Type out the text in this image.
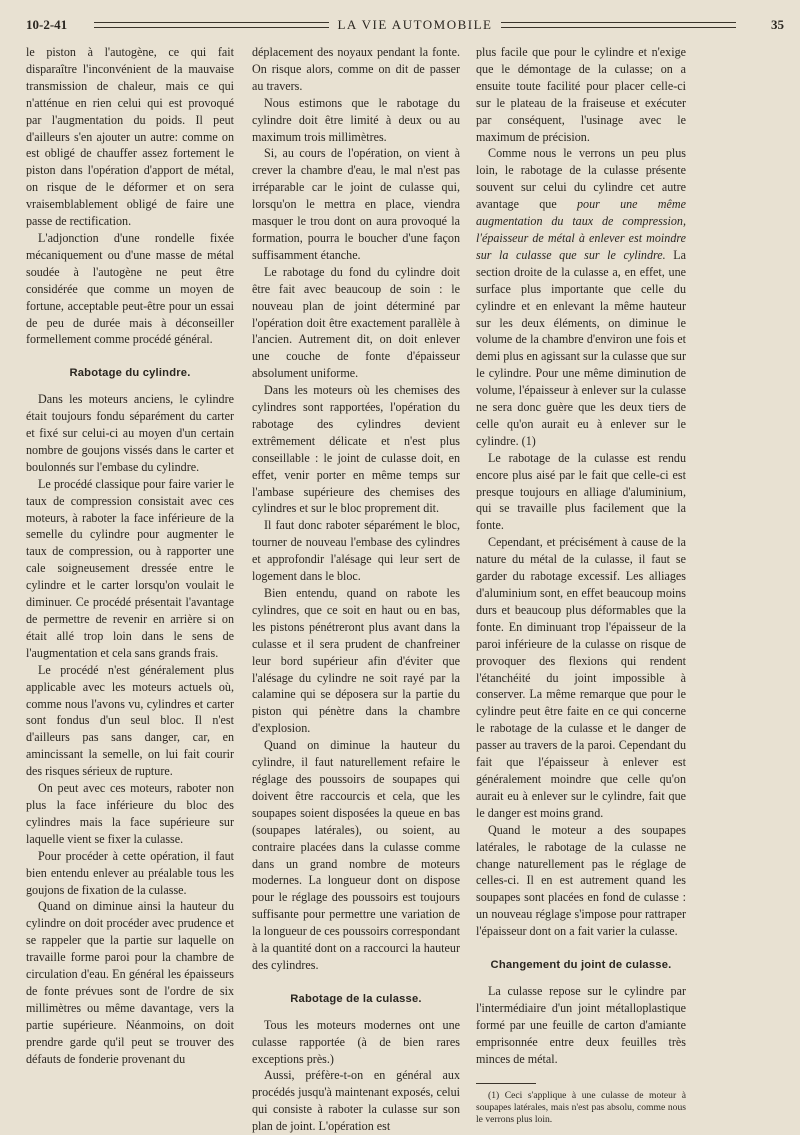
10-2-41	LA VIE AUTOMOBILE	35

le piston à l'autogène, ce qui fait disparaître l'inconvénient de la mauvaise transmission de chaleur, mais ce qui n'atténue en rien celui qui est provoqué par l'augmentation du poids. Il peut d'ailleurs s'en ajouter un autre: comme on est obligé de chauffer assez fortement le piston dans l'opération d'apport de métal, on risque de le déformer et on sera vraisemblablement obligé de faire une passe de rectification.

L'adjonction d'une rondelle fixée mécaniquement ou d'une masse de métal soudée à l'autogène ne peut être considérée que comme un moyen de fortune, acceptable peut-être pour un essai de peu de durée mais à déconseiller formellement comme procédé général.

Rabotage du cylindre.

Dans les moteurs anciens, le cylindre était toujours fondu séparément du carter et fixé sur celui-ci au moyen d'un certain nombre de goujons vissés dans le carter et boulonnés sur l'embase du cylindre.

Le procédé classique pour faire varier le taux de compression consistait avec ces moteurs, à raboter la face inférieure de la semelle du cylindre pour augmenter le taux de compression, ou à rapporter une cale soigneusement dressée entre le cylindre et le carter lorsqu'on voulait le diminuer. Ce procédé présentait l'avantage de permettre de revenir en arrière si on était allé trop loin dans le sens de l'augmentation et cela sans grands frais.

Le procédé n'est généralement plus applicable avec les moteurs actuels où, comme nous l'avons vu, cylindres et carter sont fondus d'un seul bloc. Il n'est d'ailleurs pas sans danger, car, en amincissant la semelle, on lui fait courir des risques sérieux de rupture.

On peut avec ces moteurs, raboter non plus la face inférieure du bloc des cylindres mais la face supérieure sur laquelle vient se fixer la culasse.

Pour procéder à cette opération, il faut bien entendu enlever au préalable tous les goujons de fixation de la culasse.

Quand on diminue ainsi la hauteur du cylindre on doit procéder avec prudence et se rappeler que la partie sur laquelle on travaille forme paroi pour la chambre de circulation d'eau. En général les épaisseurs de fonte prévues sont de l'ordre de six millimètres ou même davantage, vers la partie supérieure. Néanmoins, on doit prendre garde qu'il peut se trouver des défauts de fonderie provenant du

déplacement des noyaux pendant la fonte. On risque alors, comme on dit de passer au travers.

Nous estimons que le rabotage du cylindre doit être limité à deux ou au maximum trois millimètres.

Si, au cours de l'opération, on vient à crever la chambre d'eau, le mal n'est pas irréparable car le joint de culasse qui, lorsqu'on le mettra en place, viendra masquer le trou dont on aura provoqué la formation, pourra le boucher d'une façon suffisamment étanche.

Le rabotage du fond du cylindre doit être fait avec beaucoup de soin : le nouveau plan de joint déterminé par l'opération doit être exactement parallèle à l'ancien. Autrement dit, on doit enlever une couche de fonte d'épaisseur absolument uniforme.

Dans les moteurs où les chemises des cylindres sont rapportées, l'opération du rabotage des cylindres devient extrêmement délicate et n'est plus conseillable : le joint de culasse doit, en effet, venir porter en même temps sur l'ambase supérieure des chemises des cylindres et sur le bloc proprement dit.

Il faut donc raboter séparément le bloc, tourner de nouveau l'embase des cylindres et approfondir l'alésage qui leur sert de logement dans le bloc.

Bien entendu, quand on rabote les cylindres, que ce soit en haut ou en bas, les pistons pénétreront plus avant dans la culasse et il sera prudent de chanfreiner leur bord supérieur afin d'éviter que l'alésage du cylindre ne soit rayé par la calamine qui se déposera sur la partie du piston qui pénètre dans la chambre d'explosion.

Quand on diminue la hauteur du cylindre, il faut naturellement refaire le réglage des poussoirs de soupapes qui doivent être raccourcis et cela, que les soupapes soient disposées la queue en bas (soupapes latérales), ou soient, au contraire placées dans la culasse comme dans un grand nombre de moteurs modernes. La longueur dont on dispose pour le réglage des poussoirs est toujours suffisante pour permettre une variation de la longueur de ces poussoirs correspondant à la quantité dont on a raccourci la hauteur des cylindres.

Rabotage de la culasse.

Tous les moteurs modernes ont une culasse rapportée (à de bien rares exceptions près.)

Aussi, préfère-t-on en général aux procédés jusqu'à maintenant exposés, celui qui consiste à raboter la culasse sur son plan de joint. L'opération est

plus facile que pour le cylindre et n'exige que le démontage de la culasse; on a ensuite toute facilité pour placer celle-ci sur le plateau de la fraiseuse et exécuter par conséquent, l'usinage avec le maximum de précision.

Comme nous le verrons un peu plus loin, le rabotage de la culasse présente souvent sur celui du cylindre cet autre avantage que pour une même augmentation du taux de compression, l'épaisseur de métal à enlever est moindre sur la culasse que sur le cylindre. La section droite de la culasse a, en effet, une surface plus importante que celle du cylindre et en enlevant la même hauteur sur les deux éléments, on diminue le volume de la chambre d'environ une fois et demi plus en agissant sur la culasse que sur le cylindre. Pour une même diminution de volume, l'épaisseur à enlever sur la culasse ne sera donc guère que les deux tiers de celle qu'on aurait eu à enlever sur le cylindre. (1)

Le rabotage de la culasse est rendu encore plus aisé par le fait que celle-ci est presque toujours en alliage d'aluminium, qui se travaille plus facilement que la fonte.

Cependant, et précisément à cause de la nature du métal de la culasse, il faut se garder du rabotage excessif. Les alliages d'aluminium sont, en effet beaucoup moins durs et beaucoup plus déformables que la fonte. En diminuant trop l'épaisseur de la paroi inférieure de la culasse on risque de provoquer des flexions qui rendent l'étanchéité du joint impossible à conserver. La même remarque que pour le cylindre peut être faite en ce qui concerne le rabotage de la culasse et le danger de passer au travers de la paroi. Cependant du fait que l'épaisseur à enlever est généralement moindre que celle qu'on aurait eu à enlever sur le cylindre, fait que le danger est moins grand.

Quand le moteur a des soupapes latérales, le rabotage de la culasse ne change naturellement pas le réglage de celles-ci. Il en est autrement quand les soupapes sont placées en fond de culasse : un nouveau réglage s'impose pour rattraper l'épaisseur dont on a fait varier la culasse.

Changement du joint de culasse.

La culasse repose sur le cylindre par l'intermédiaire d'un joint métalloplastique formé par une feuille de carton d'amiante emprisonnée entre deux feuilles très minces de métal.

(1) Ceci s'applique à une culasse de moteur à soupapes latérales, mais n'est pas absolu, comme nous le verrons plus loin.
